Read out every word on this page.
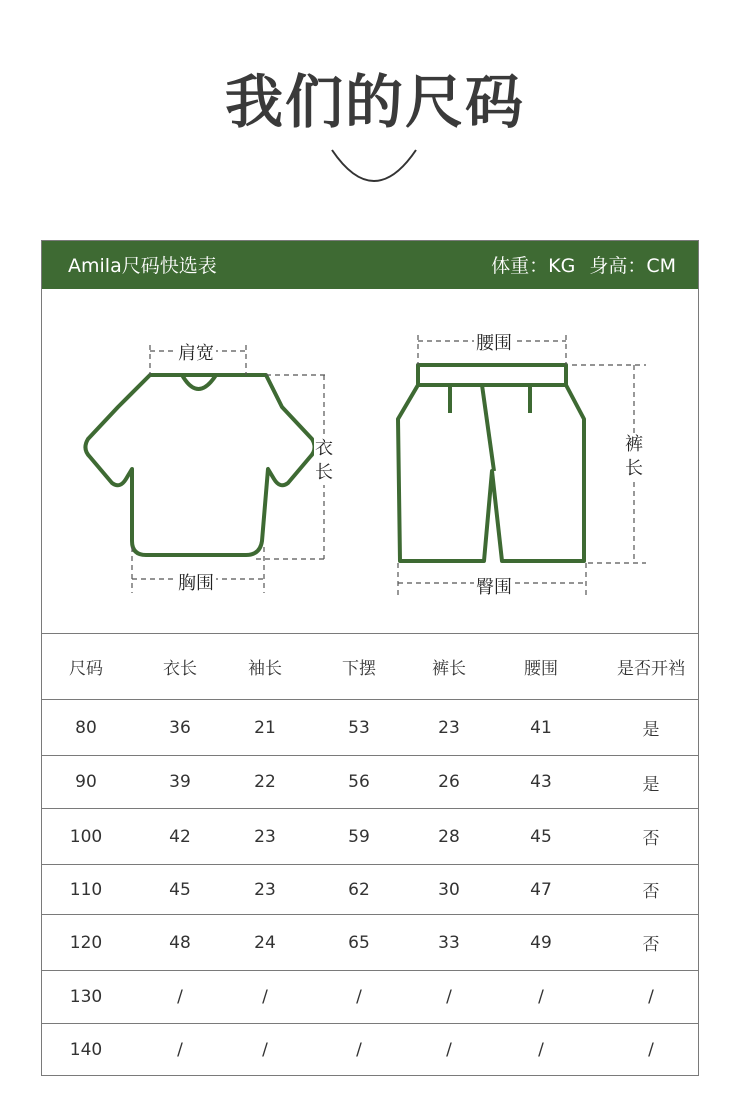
我们的尺码
Amila尺码快选表	体重：KG 身高：CM
肩宽
衣
长
胸围
腰围
裤
长
臀围
尺码	衣长	袖长	下摆	裤长	腰围	是否开裆
80	36	21	53	23	41	是
90	39	22	56	26	43	是
100	42	23	59	28	45	否
110	45	23	62	30	47	否
120	48	24	65	33	49	否
130	/	/	/	/	/	/
140	/	/	/	/	/	/
